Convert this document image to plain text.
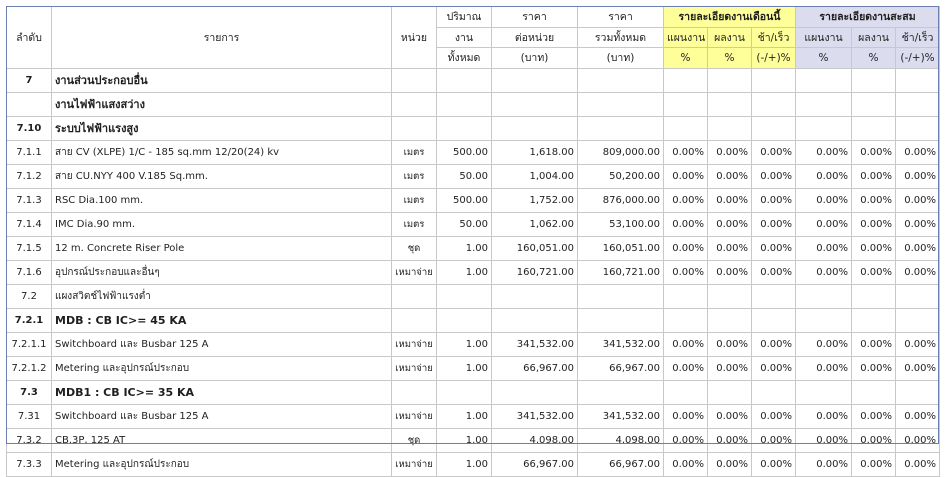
ลำดับ	รายการ	หน่วย	ปริมาณ	ราคา	ราคา	รายละเอียดงานเดือนนี้			รายละเอียดงานสะสม		
			งาน	ต่อหน่วย	รวมทั้งหมด	แผนงาน	ผลงาน	ช้า/เร็ว	แผนงาน	ผลงาน	ช้า/เร็ว
			ทั้งหมด	(บาท)	(บาท)	%	%	(-/+)%	%	%	(-/+)%
7	งานส่วนประกอบอื่น										
	งานไฟฟ้าแสงสว่าง										
7.10	ระบบไฟฟ้าแรงสูง										
7.1.1	สาย CV (XLPE) 1/C - 185 sq.mm 12/20(24) kv	เมตร	500.00	1,618.00	809,000.00	0.00%	0.00%	0.00%	0.00%	0.00%	0.00%
7.1.2	สาย CU.NYY 400 V.185 Sq.mm.	เมตร	50.00	1,004.00	50,200.00	0.00%	0.00%	0.00%	0.00%	0.00%	0.00%
7.1.3	RSC Dia.100 mm.	เมตร	500.00	1,752.00	876,000.00	0.00%	0.00%	0.00%	0.00%	0.00%	0.00%
7.1.4	IMC Dia.90 mm.	เมตร	50.00	1,062.00	53,100.00	0.00%	0.00%	0.00%	0.00%	0.00%	0.00%
7.1.5	12 m. Concrete Riser Pole	ชุด	1.00	160,051.00	160,051.00	0.00%	0.00%	0.00%	0.00%	0.00%	0.00%
7.1.6	อุปกรณ์ประกอบและอื่นๆ	เหมาจ่าย	1.00	160,721.00	160,721.00	0.00%	0.00%	0.00%	0.00%	0.00%	0.00%
7.2	แผงสวิตช์ไฟฟ้าแรงต่ำ										
7.2.1	MDB : CB IC>= 45 KA										
7.2.1.1	Switchboard และ Busbar 125 A	เหมาจ่าย	1.00	341,532.00	341,532.00	0.00%	0.00%	0.00%	0.00%	0.00%	0.00%
7.2.1.2	Metering และอุปกรณ์ประกอบ	เหมาจ่าย	1.00	66,967.00	66,967.00	0.00%	0.00%	0.00%	0.00%	0.00%	0.00%
7.3	MDB1 : CB IC>= 35 KA										
7.31	Switchboard และ Busbar 125 A	เหมาจ่าย	1.00	341,532.00	341,532.00	0.00%	0.00%	0.00%	0.00%	0.00%	0.00%
7.3.2	CB.3P, 125 AT	ชุด	1.00	4,098.00	4,098.00	0.00%	0.00%	0.00%	0.00%	0.00%	0.00%
7.3.3	Metering และอุปกรณ์ประกอบ	เหมาจ่าย	1.00	66,967.00	66,967.00	0.00%	0.00%	0.00%	0.00%	0.00%	0.00%
